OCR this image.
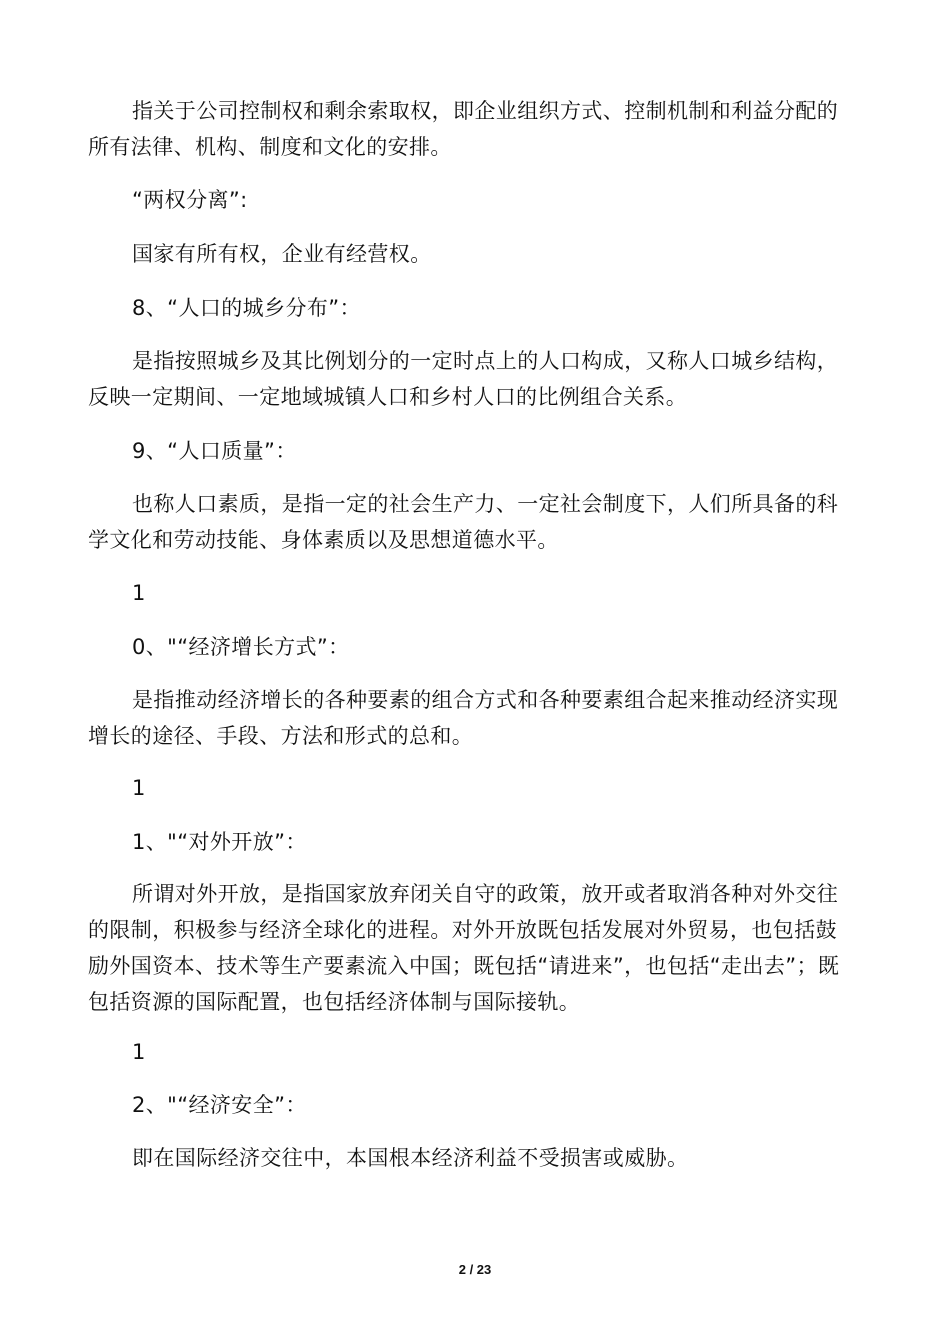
指关于公司控制权和剩余索取权，即企业组织方式、控制机制和利益分配的所有法律、机构、制度和文化的安排。

“两权分离”:

国家有所有权，企业有经营权。

8、“人口的城乡分布”：

是指按照城乡及其比例划分的一定时点上的人口构成，又称人口城乡结构，反映一定期间、一定地域城镇人口和乡村人口的比例组合关系。

9、“人口质量”：

也称人口素质，是指一定的社会生产力、一定社会制度下，人们所具备的科学文化和劳动技能、身体素质以及思想道德水平。

1

0、"“经济增长方式”：

是指推动经济增长的各种要素的组合方式和各种要素组合起来推动经济实现增长的途径、手段、方法和形式的总和。

1

1、"“对外开放”：

所谓对外开放，是指国家放弃闭关自守的政策，放开或者取消各种对外交往的限制，积极参与经济全球化的进程。对外开放既包括发展对外贸易，也包括鼓励外国资本、技术等生产要素流入中国；既包括“请进来”，也包括“走出去”；既包括资源的国际配置，也包括经济体制与国际接轨。

1

2、"“经济安全”：

即在国际经济交往中，本国根本经济利益不受损害或威胁。

2 / 23
